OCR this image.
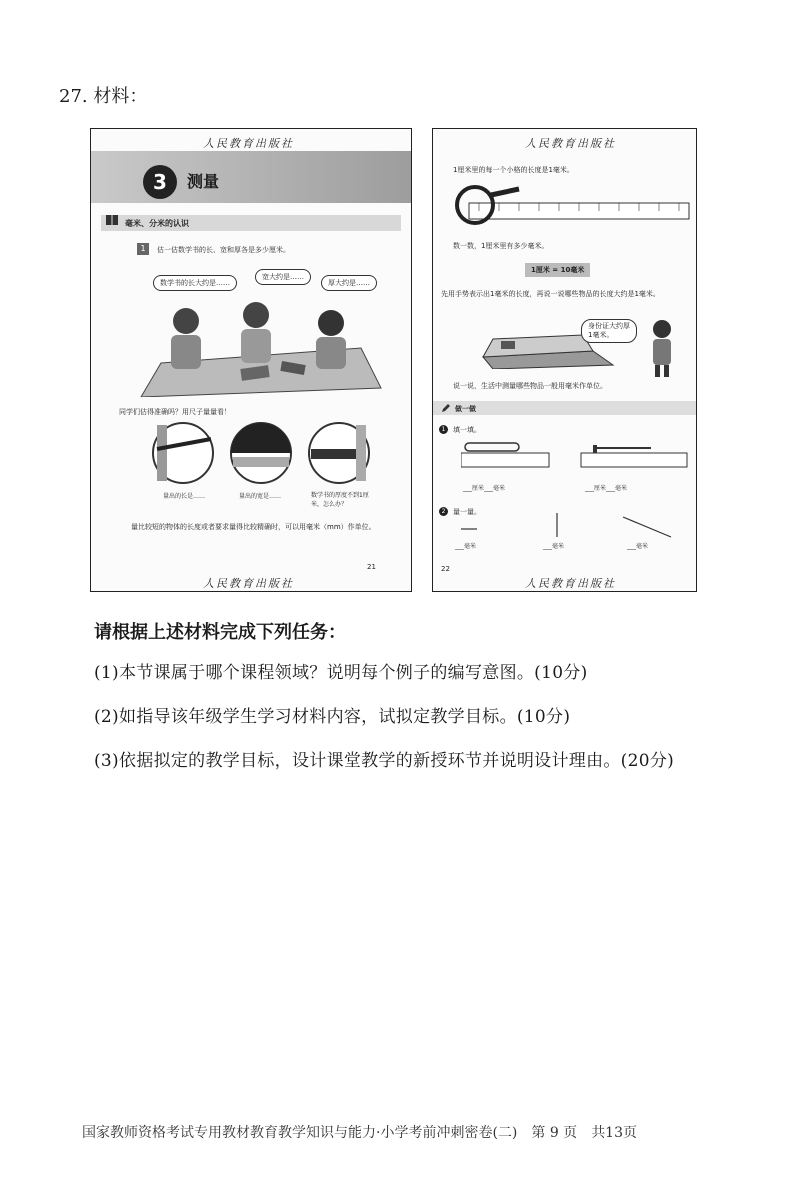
27. 材料：
人民教育出版社
3	测量
毫米、分米的认识
1	估一估数学书的长、宽和厚各是多少厘米。
数学书的长大约是……
宽大约是……
厚大约是……
同学们估得准确吗？用尺子量量看！
量出的长是……	量出的宽是……	数学书的厚度不到1厘米，怎么办？
量比较短的物体的长度或者要求量得比较精确时，可以用毫米（mm）作单位。
21
人民教育出版社
人民教育出版社
1厘米里的每一个小格的长度是1毫米。
数一数，1厘米里有多少毫米。
1厘米 = 10毫米
先用手势表示出1毫米的长度，再说一说哪些物品的长度大约是1毫米。
身份证大约厚1毫米。
说一说，生活中测量哪些物品一般用毫米作单位。
做一做
1	填一填。
___厘米___毫米	___厘米___毫米
2	量一量。
___毫米	___毫米	___毫米
22
人民教育出版社
请根据上述材料完成下列任务：
(1)本节课属于哪个课程领域？说明每个例子的编写意图。(10分)
(2)如指导该年级学生学习材料内容，试拟定教学目标。(10分)
(3)依据拟定的教学目标，设计课堂教学的新授环节并说明设计理由。(20分)
国家教师资格考试专用教材教育教学知识与能力·小学考前冲刺密卷(二) 第 9 页 共13页
